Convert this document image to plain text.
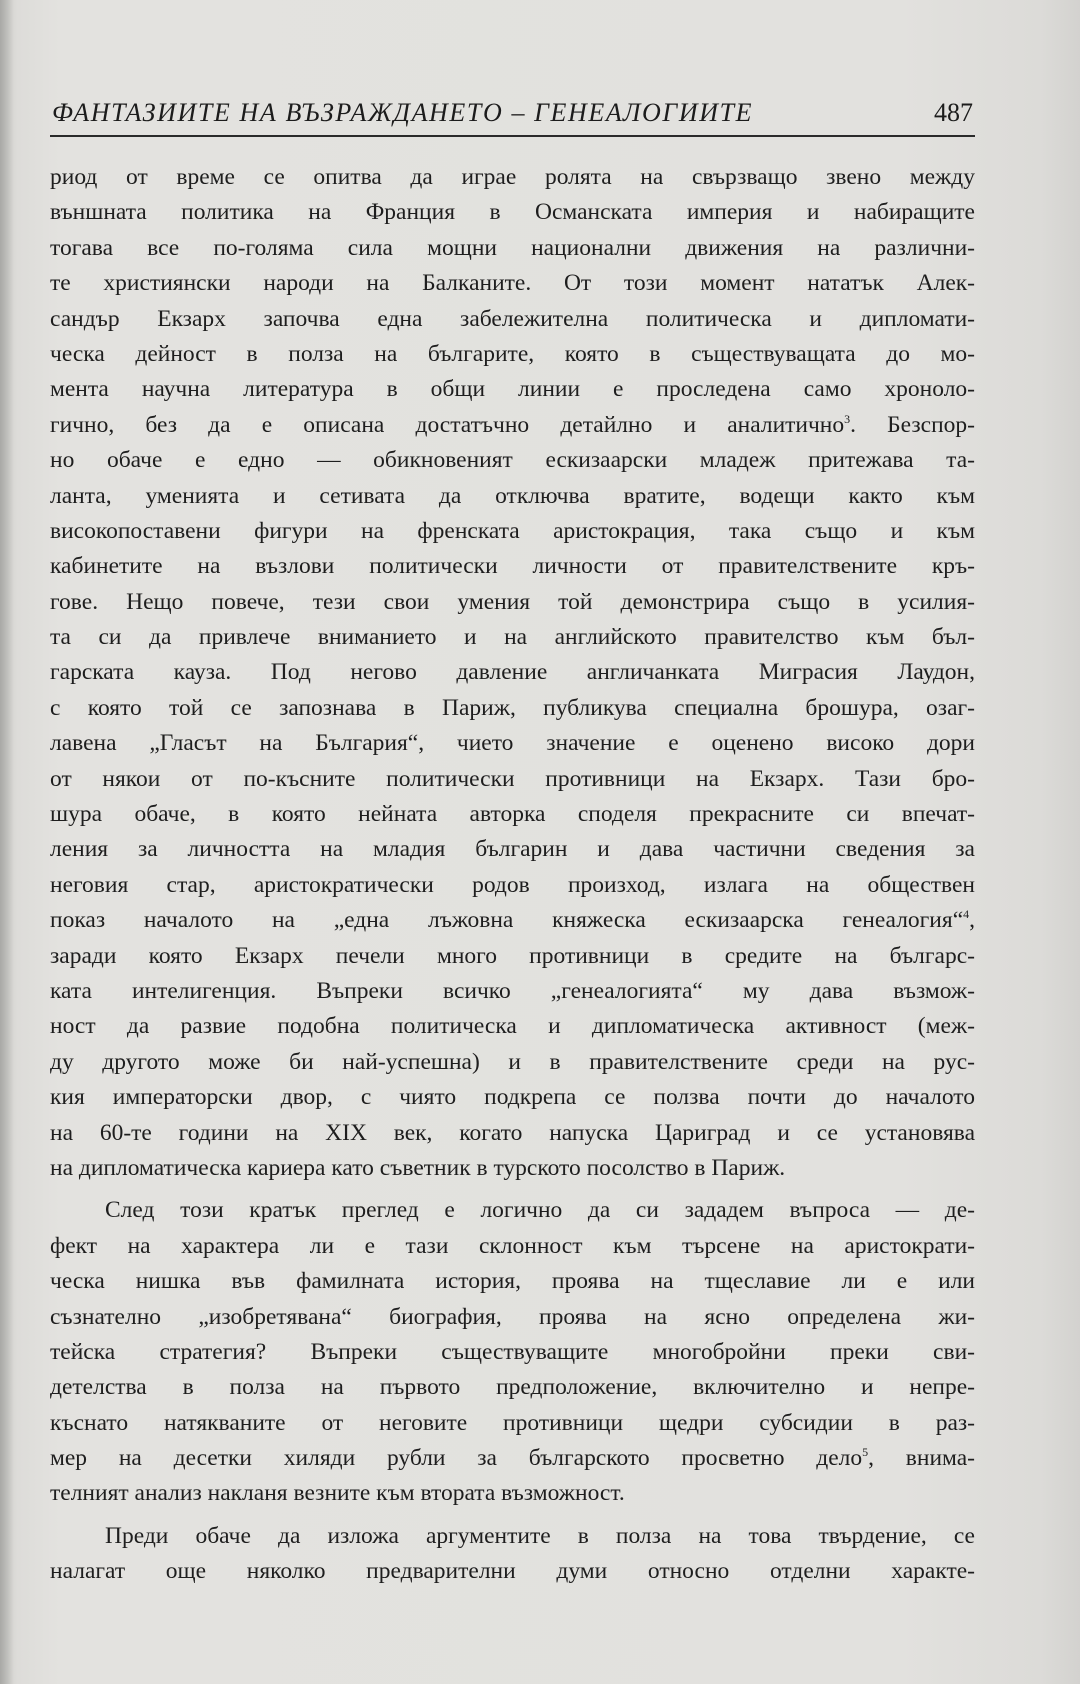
ФАНТАЗИИТЕ НА ВЪЗРАЖДАНЕТО – ГЕНЕАЛОГИИТЕ	487
риод от време се опитва да играе ролята на свързващо звено между
външната политика на Франция в Османската империя и набиращите
тогава все по-голяма сила мощни национални движения на различни-
те християнски народи на Балканите. От този момент нататък Алек-
сандър Екзарх започва една забележителна политическа и дипломати-
ческа дейност в полза на българите, която в съществуващата до мо-
мента научна литература в общи линии е проследена само хроноло-
гично, без да е описана достатъчно детайлно и аналитично$^3$. Безспор-
но обаче е едно — обикновеният ескизаарски младеж притежава та-
ланта, уменията и сетивата да отключва вратите, водещи както към
високопоставени фигури на френската аристокрация, така също и към
кабинетите на възлови политически личности от правителствените кръ-
гове. Нещо повече, тези свои умения той демонстрира също в усилия-
та си да привлече вниманието и на английското правителство към бъл-
гарската кауза. Под негово давление англичанката Миграсия Лаудон,
с която той се запознава в Париж, публикува специална брошура, озаг-
лавена „Гласът на България“, чието значение е оценено високо дори
от някои от по-късните политически противници на Екзарх. Тази бро-
шура обаче, в която нейната авторка споделя прекрасните си впечат-
ления за личността на младия българин и дава частични сведения за
неговия стар, аристократически родов произход, излага на обществен
показ началото на „една лъжовна княжеска ескизаарска генеалогия“$^4$,
заради която Екзарх печели много противници в средите на българс-
ката интелигенция. Въпреки всичко „генеалогията“ му дава възмож-
ност да развие подобна политическа и дипломатическа активност (меж-
ду другото може би най-успешна) и в правителствените среди на рус-
кия императорски двор, с чиято подкрепа се ползва почти до началото
на 60-те години на XIX век, когато напуска Цариград и се установява
на дипломатическа кариера като съветник в турското посолство в Париж.
След този кратък преглед е логично да си зададем въпроса — де-
фект на характера ли е тази склонност към търсене на аристократи-
ческа нишка във фамилната история, проява на тщеславие ли е или
съзнателно „изобретявана“ биография, проява на ясно определена жи-
тейска стратегия? Въпреки съществуващите многобройни преки сви-
детелства в полза на първото предположение, включително и непре-
къснато натякваните от неговите противници щедри субсидии в раз-
мер на десетки хиляди рубли за българското просветно дело$^5$, внима-
телният анализ накланя везните към втората възможност.
Преди обаче да изложа аргументите в полза на това твърдение, се
налагат още няколко предварителни думи относно отделни характе-
